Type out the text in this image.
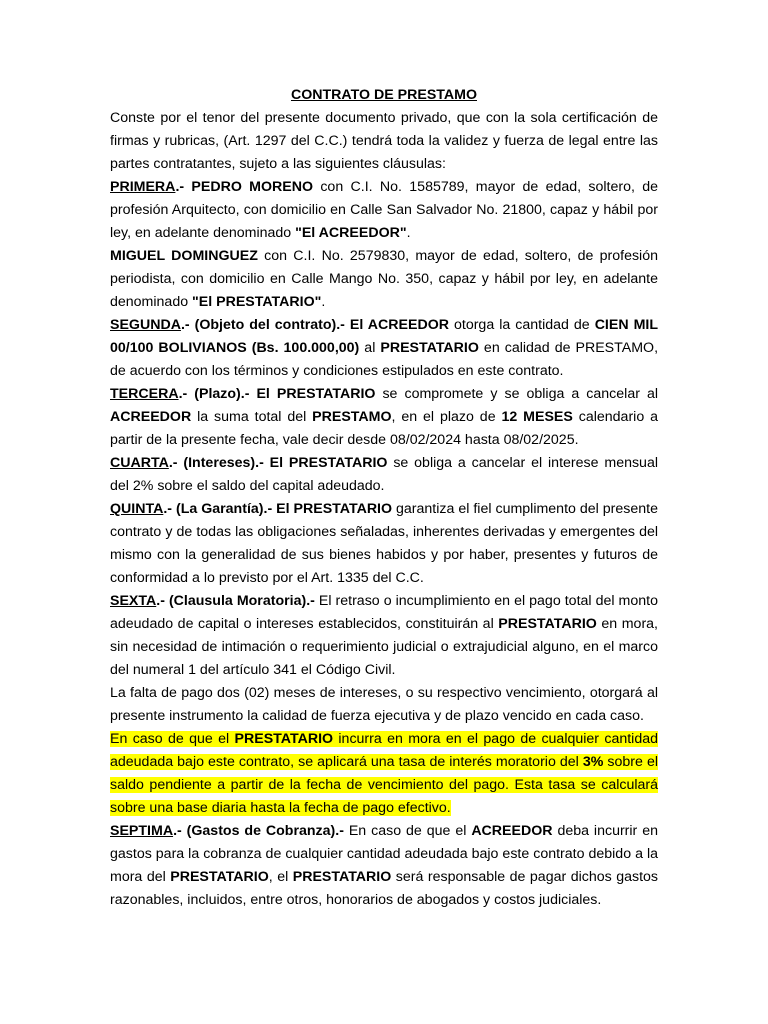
CONTRATO DE PRESTAMO

Conste por el tenor del presente documento privado, que con la sola certificación de firmas y rubricas, (Art. 1297 del C.C.) tendrá toda la validez y fuerza de legal entre las partes contratantes, sujeto a las siguientes cláusulas:

PRIMERA.- PEDRO MORENO con C.I. No. 1585789, mayor de edad, soltero, de profesión Arquitecto, con domicilio en Calle San Salvador No. 21800, capaz y hábil por ley, en adelante denominado "El ACREEDOR".

MIGUEL DOMINGUEZ con C.I. No. 2579830, mayor de edad, soltero, de profesión periodista, con domicilio en Calle Mango No. 350, capaz y hábil por ley, en adelante denominado "El PRESTATARIO".

SEGUNDA.- (Objeto del contrato).- El ACREEDOR otorga la cantidad de CIEN MIL 00/100 BOLIVIANOS (Bs. 100.000,00) al PRESTATARIO en calidad de PRESTAMO, de acuerdo con los términos y condiciones estipulados en este contrato.

TERCERA.- (Plazo).- El PRESTATARIO se compromete y se obliga a cancelar al ACREEDOR la suma total del PRESTAMO, en el plazo de 12 MESES calendario a partir de la presente fecha, vale decir desde 08/02/2024 hasta 08/02/2025.

CUARTA.- (Intereses).- El PRESTATARIO se obliga a cancelar el interese mensual del 2% sobre el saldo del capital adeudado.

QUINTA.- (La Garantía).- El PRESTATARIO garantiza el fiel cumplimento del presente contrato y de todas las obligaciones señaladas, inherentes derivadas y emergentes del mismo con la generalidad de sus bienes habidos y por haber, presentes y futuros de conformidad a lo previsto por el Art. 1335 del C.C.

SEXTA.- (Clausula Moratoria).- El retraso o incumplimiento en el pago total del monto adeudado de capital o intereses establecidos, constituirán al PRESTATARIO en mora, sin necesidad de intimación o requerimiento judicial o extrajudicial alguno, en el marco del numeral 1 del artículo 341 el Código Civil.

La falta de pago dos (02) meses de intereses, o su respectivo vencimiento, otorgará al presente instrumento la calidad de fuerza ejecutiva y de plazo vencido en cada caso.

En caso de que el PRESTATARIO incurra en mora en el pago de cualquier cantidad adeudada bajo este contrato, se aplicará una tasa de interés moratorio del 3% sobre el saldo pendiente a partir de la fecha de vencimiento del pago. Esta tasa se calculará sobre una base diaria hasta la fecha de pago efectivo.

SEPTIMA.- (Gastos de Cobranza).- En caso de que el ACREEDOR deba incurrir en gastos para la cobranza de cualquier cantidad adeudada bajo este contrato debido a la mora del PRESTATARIO, el PRESTATARIO será responsable de pagar dichos gastos razonables, incluidos, entre otros, honorarios de abogados y costos judiciales.
